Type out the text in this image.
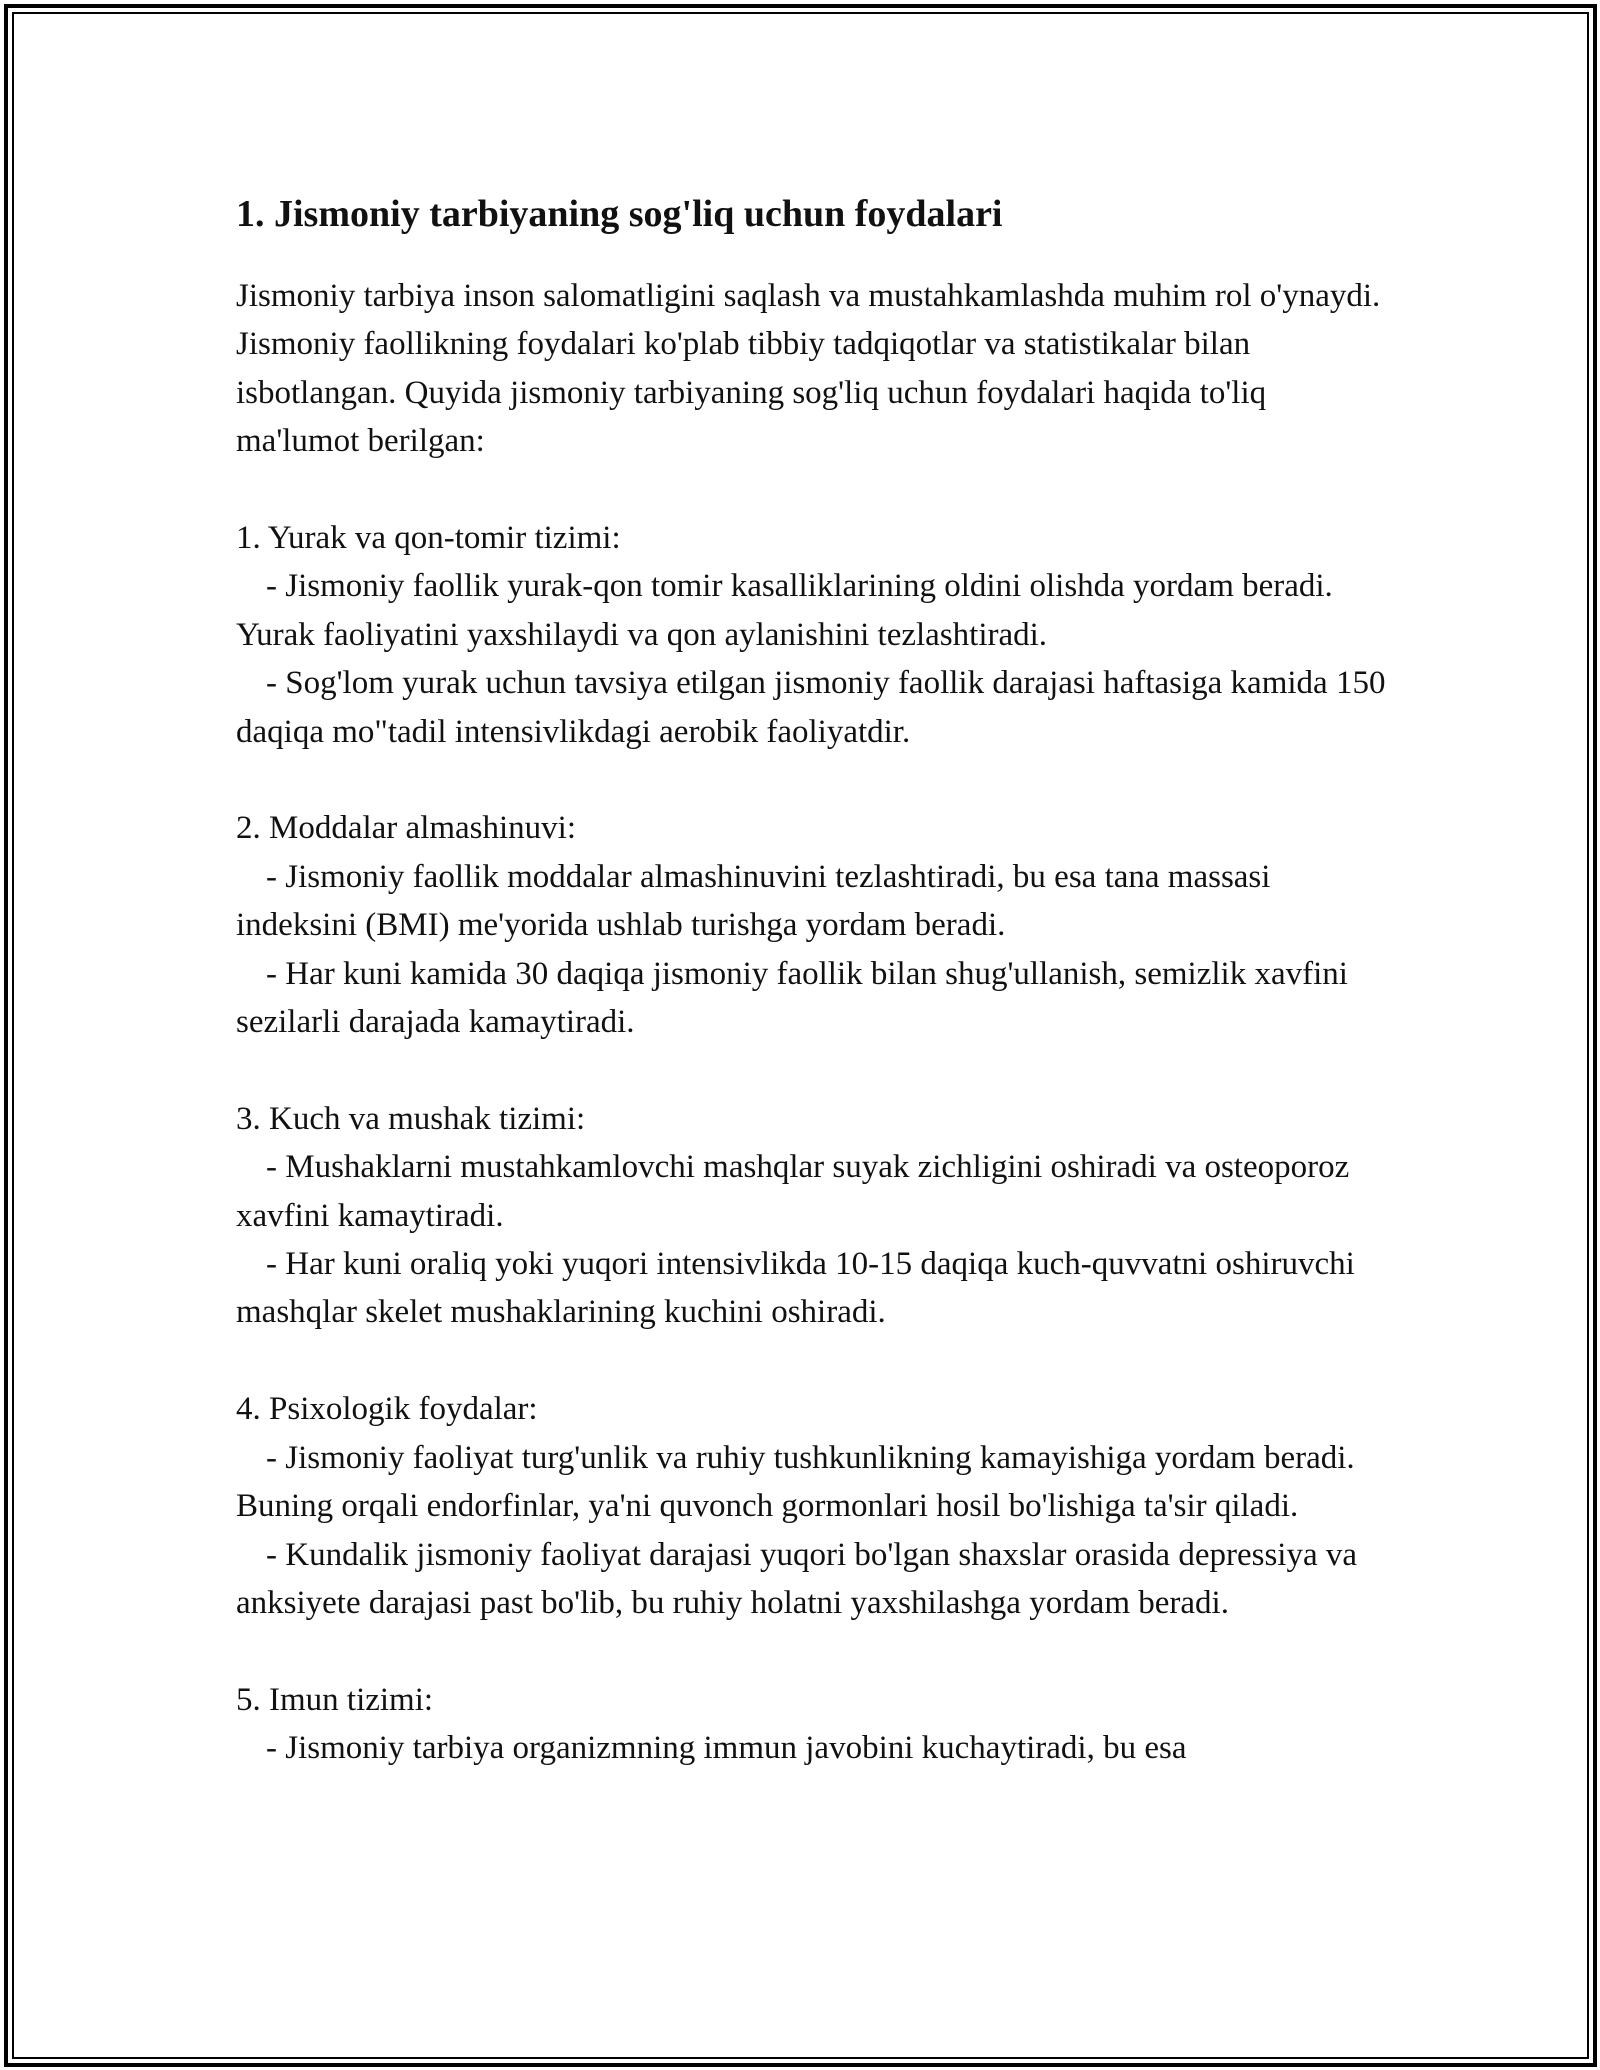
1. Jismoniy tarbiyaning sog'liq uchun foydalari

Jismoniy tarbiya inson salomatligini saqlash va mustahkamlashda muhim rol o'ynaydi. Jismoniy faollikning foydalari ko'plab tibbiy tadqiqotlar va statistikalar bilan isbotlangan. Quyida jismoniy tarbiyaning sog'liq uchun foydalari haqida to'liq ma'lumot berilgan:

1. Yurak va qon-tomir tizimi:

- Jismoniy faollik yurak-qon tomir kasalliklarining oldini olishda yordam beradi. Yurak faoliyatini yaxshilaydi va qon aylanishini tezlashtiradi.

- Sog'lom yurak uchun tavsiya etilgan jismoniy faollik darajasi haftasiga kamida 150 daqiqa mo"tadil intensivlikdagi aerobik faoliyatdir.

2. Moddalar almashinuvi:

- Jismoniy faollik moddalar almashinuvini tezlashtiradi, bu esa tana massasi indeksini (BMI) me'yorida ushlab turishga yordam beradi.

- Har kuni kamida 30 daqiqa jismoniy faollik bilan shug'ullanish, semizlik xavfini sezilarli darajada kamaytiradi.

3. Kuch va mushak tizimi:

- Mushaklarni mustahkamlovchi mashqlar suyak zichligini oshiradi va osteoporoz xavfini kamaytiradi.

- Har kuni oraliq yoki yuqori intensivlikda 10-15 daqiqa kuch-quvvatni oshiruvchi mashqlar skelet mushaklarining kuchini oshiradi.

4. Psixologik foydalar:

- Jismoniy faoliyat turg'unlik va ruhiy tushkunlikning kamayishiga yordam beradi. Buning orqali endorfinlar, ya'ni quvonch gormonlari hosil bo'lishiga ta'sir qiladi.

- Kundalik jismoniy faoliyat darajasi yuqori bo'lgan shaxslar orasida depressiya va anksiyete darajasi past bo'lib, bu ruhiy holatni yaxshilashga yordam beradi.

5. Imun tizimi:

- Jismoniy tarbiya organizmning immun javobini kuchaytiradi, bu esa
